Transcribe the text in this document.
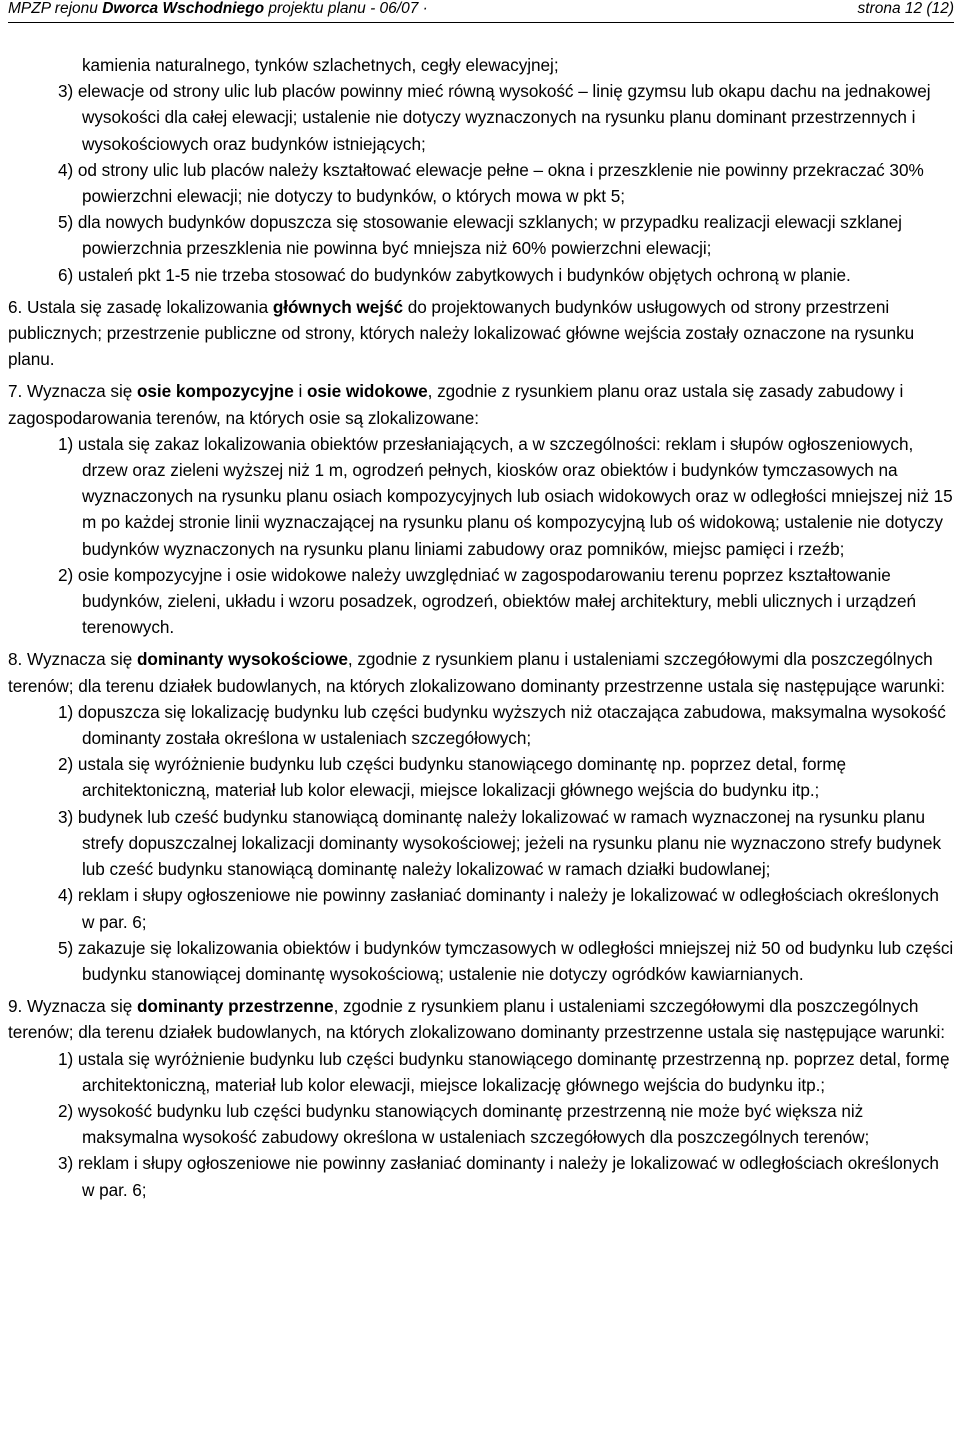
MPZP rejonu Dworca Wschodniego projektu planu - 06/07 ·	strona 12 (12)

kamienia naturalnego, tynków szlachetnych, cegły elewacyjnej;

3) elewacje od strony ulic lub placów powinny mieć równą wysokość – linię gzymsu lub okapu dachu na jednakowej wysokości dla całej elewacji; ustalenie nie dotyczy wyznaczonych na rysunku planu dominant przestrzennych i wysokościowych oraz budynków istniejących;

4) od strony ulic lub placów należy kształtować elewacje pełne – okna i przeszklenie nie powinny przekraczać 30% powierzchni elewacji; nie dotyczy to budynków, o których mowa w pkt 5;

5) dla nowych budynków dopuszcza się stosowanie elewacji szklanych; w przypadku realizacji elewacji szklanej powierzchnia przeszklenia nie powinna być mniejsza niż 60% powierzchni elewacji;

6) ustaleń pkt 1-5 nie trzeba stosować do budynków zabytkowych i budynków objętych ochroną w planie.

6. Ustala się zasadę lokalizowania głównych wejść do projektowanych budynków usługowych od strony przestrzeni publicznych; przestrzenie publiczne od strony, których należy lokalizować główne wejścia zostały oznaczone na rysunku planu.

7. Wyznacza się osie kompozycyjne i osie widokowe, zgodnie z rysunkiem planu oraz ustala się zasady zabudowy i zagospodarowania terenów, na których osie są zlokalizowane:

1) ustala się zakaz lokalizowania obiektów przesłaniających, a w szczególności: reklam i słupów ogłoszeniowych, drzew oraz zieleni wyższej niż 1 m, ogrodzeń pełnych, kiosków oraz obiektów i budynków tymczasowych na wyznaczonych na rysunku planu osiach kompozycyjnych lub osiach widokowych oraz w odległości mniejszej niż 15 m po każdej stronie linii wyznaczającej na rysunku planu oś kompozycyjną lub oś widokową; ustalenie nie dotyczy budynków wyznaczonych na rysunku planu liniami zabudowy oraz pomników, miejsc pamięci i rzeźb;

2) osie kompozycyjne i osie widokowe należy uwzględniać w zagospodarowaniu terenu poprzez kształtowanie budynków, zieleni, układu i wzoru posadzek, ogrodzeń, obiektów małej architektury, mebli ulicznych i urządzeń terenowych.

8. Wyznacza się dominanty wysokościowe, zgodnie z rysunkiem planu i ustaleniami szczegółowymi dla poszczególnych terenów; dla terenu działek budowlanych, na których zlokalizowano dominanty przestrzenne ustala się następujące warunki:

1) dopuszcza się lokalizację budynku lub części budynku wyższych niż otaczająca zabudowa, maksymalna wysokość dominanty została określona w ustaleniach szczegółowych;

2) ustala się wyróżnienie budynku lub części budynku stanowiącego dominantę np. poprzez detal, formę architektoniczną, materiał lub kolor elewacji, miejsce lokalizacji głównego wejścia do budynku itp.;

3) budynek lub cześć budynku stanowiącą dominantę należy lokalizować w ramach wyznaczonej na rysunku planu strefy dopuszczalnej lokalizacji dominanty wysokościowej; jeżeli na rysunku planu nie wyznaczono strefy budynek lub cześć budynku stanowiącą dominantę należy lokalizować w ramach działki budowlanej;

4) reklam i słupy ogłoszeniowe nie powinny zasłaniać dominanty i należy je lokalizować w odległościach określonych w par. 6;

5) zakazuje się lokalizowania obiektów i budynków tymczasowych w odległości mniejszej niż 50 od budynku lub części budynku stanowiącej dominantę wysokościową; ustalenie nie dotyczy ogródków kawiarnianych.

9. Wyznacza się dominanty przestrzenne, zgodnie z rysunkiem planu i ustaleniami szczegółowymi dla poszczególnych terenów; dla terenu działek budowlanych, na których zlokalizowano dominanty przestrzenne ustala się następujące warunki:

1) ustala się wyróżnienie budynku lub części budynku stanowiącego dominantę przestrzenną np. poprzez detal, formę architektoniczną, materiał lub kolor elewacji, miejsce lokalizację głównego wejścia do budynku itp.;

2) wysokość budynku lub części budynku stanowiących dominantę przestrzenną nie może być większa niż maksymalna wysokość zabudowy określona w ustaleniach szczegółowych dla poszczególnych terenów;

3) reklam i słupy ogłoszeniowe nie powinny zasłaniać dominanty i należy je lokalizować w odległościach określonych w par. 6;
